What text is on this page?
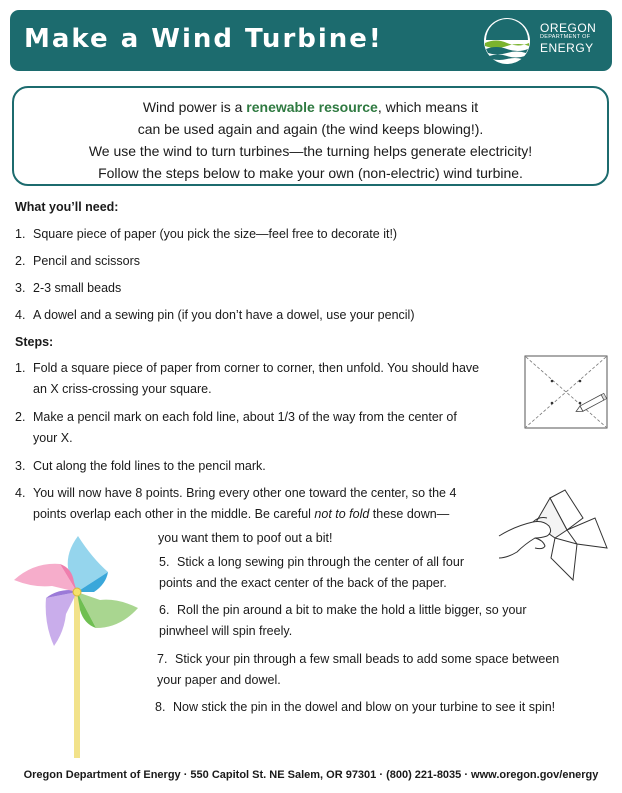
Make a Wind Turbine!	OREGON
DEPARTMENT OF
ENERGY
Wind power is a renewable resource, which means it
can be used again and again (the wind keeps blowing!).
We use the wind to turn turbines—the turning helps generate electricity!
Follow the steps below to make your own (non-electric) wind turbine.
What you’ll need:
1. Square piece of paper (you pick the size—feel free to decorate it!)
2. Pencil and scissors
3. 2-3 small beads
4. A dowel and a sewing pin (if you don’t have a dowel, use your pencil)
Steps:
1. Fold a square piece of paper from corner to corner, then unfold. You should have
an X criss-crossing your square.
2. Make a pencil mark on each fold line, about 1/3 of the way from the center of
your X.
3. Cut along the fold lines to the pencil mark.
4. You will now have 8 points. Bring every other one toward the center, so the 4
points overlap each other in the middle. Be careful not to fold these down—
you want them to poof out a bit!
5. Stick a long sewing pin through the center of all four
points and the exact center of the back of the paper.
6. Roll the pin around a bit to make the hold a little bigger, so your
pinwheel will spin freely.
7. Stick your pin through a few small beads to add some space between
your paper and dowel.
8. Now stick the pin in the dowel and blow on your turbine to see it spin!
Oregon Department of Energy · 550 Capitol St. NE Salem, OR 97301 · (800) 221-8035 · www.oregon.gov/energy
